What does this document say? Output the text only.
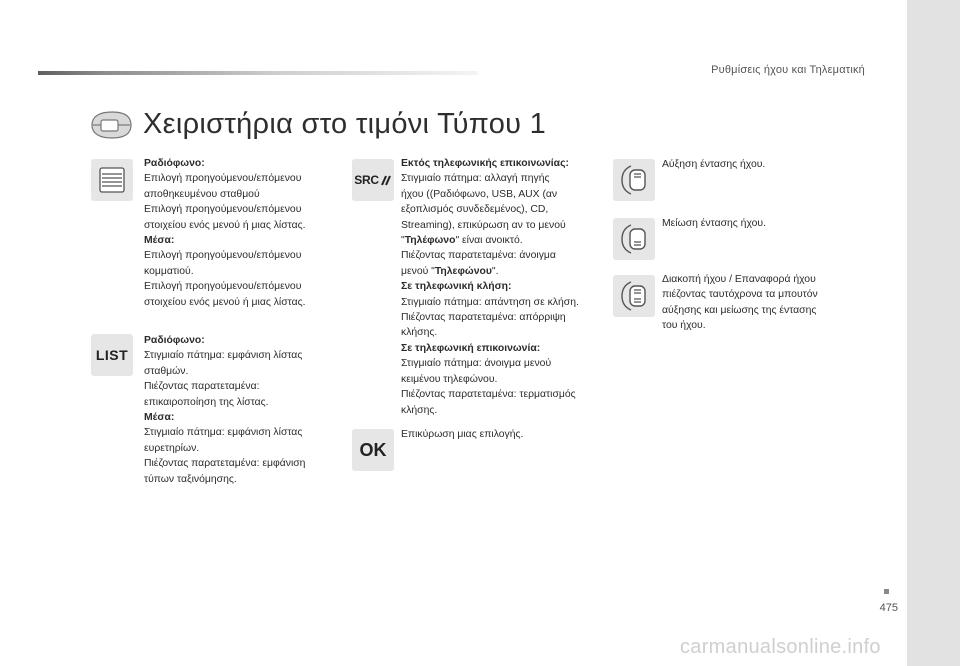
Ρυθμίσεις ήχου και Τηλεματική
Χειριστήρια στο τιμόνι Τύπου 1
Ραδιόφωνο:
Επιλογή προηγούμενου/επόμενου
αποθηκευμένου σταθμού
Επιλογή προηγούμενου/επόμενου
στοιχείου ενός μενού ή μιας λίστας.
Μέσα:
Επιλογή προηγούμενου/επόμενου
κομματιού.
Επιλογή προηγούμενου/επόμενου
στοιχείου ενός μενού ή μιας λίστας.
LIST
Ραδιόφωνο:
Στιγμιαίο πάτημα: εμφάνιση λίστας
σταθμών.
Πιέζοντας παρατεταμένα:
επικαιροποίηση της λίστας.
Μέσα:
Στιγμιαίο πάτημα: εμφάνιση λίστας
ευρετηρίων.
Πιέζοντας παρατεταμένα: εμφάνιση
τύπων ταξινόμησης.
SRC
Εκτός τηλεφωνικής επικοινωνίας:
Στιγμιαίο πάτημα: αλλαγή πηγής
ήχου ((Ραδιόφωνο, USB, AUX (αν
εξοπλισμός συνδεδεμένος), CD,
Streaming), επικύρωση αν το μενού
"Τηλέφωνο" είναι ανοικτό.
Πιέζοντας παρατεταμένα: άνοιγμα
μενού "Τηλεφώνου".
Σε τηλεφωνική κλήση:
Στιγμιαίο πάτημα: απάντηση σε κλήση.
Πιέζοντας παρατεταμένα: απόρριψη
κλήσης.
Σε τηλεφωνική επικοινωνία:
Στιγμιαίο πάτημα: άνοιγμα μενού
κειμένου τηλεφώνου.
Πιέζοντας παρατεταμένα: τερματισμός
κλήσης.
OK
Επικύρωση μιας επιλογής.
Αύξηση έντασης ήχου.
Μείωση έντασης ήχου.
Διακοπή ήχου / Επαναφορά ήχου
πιέζοντας ταυτόχρονα τα μπουτόν
αύξησης και μείωσης της έντασης
του ήχου.
475
carmanualsonline.info
